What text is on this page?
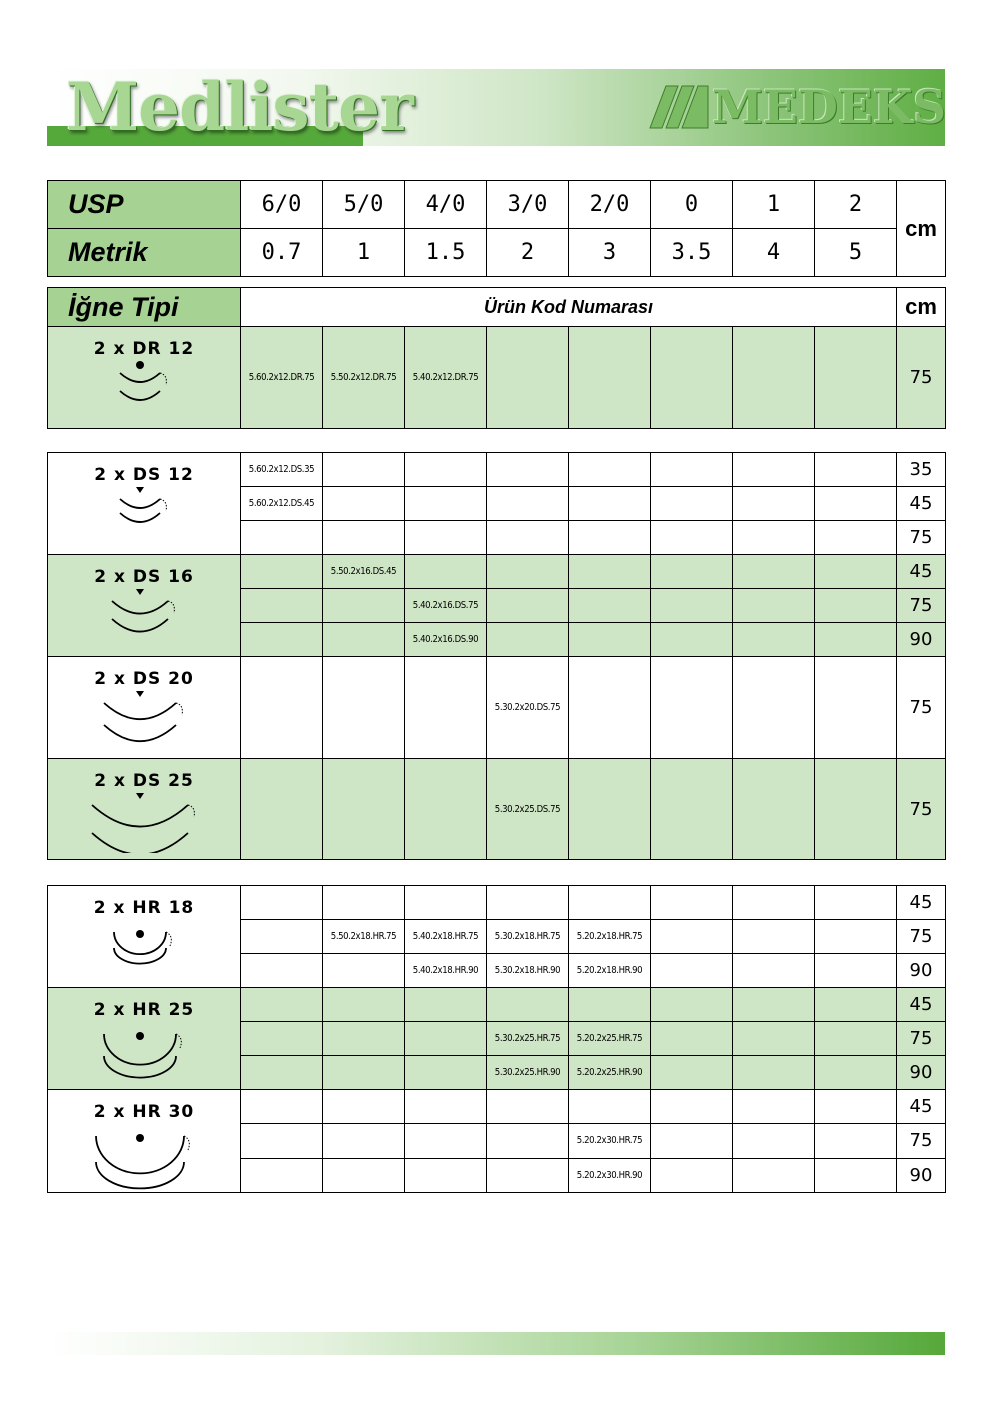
Medlister	MEDEKS
USP	6/0	5/0	4/0	3/0	2/0	0	1	2	cm
Metrik	0.7	1	1.5	2	3	3.5	4	5	
İğne Tipi	Ürün Kod Numarası								cm

2 x DR 12	5.60.2x12.DR.75	5.50.2x12.DR.75	5.40.2x12.DR.75						75
2 x DS 12	5.60.2x12.DS.35								35
	5.60.2x12.DS.45								45
									75

2 x DS 16		5.50.2x16.DS.45							45
			5.40.2x16.DS.75						75
			5.40.2x16.DS.90						90

2 x DS 20				5.30.2x20.DS.75					75

2 x DS 25				5.30.2x25.DS.75					75
2 x HR 18									45
		5.50.2x18.HR.75	5.40.2x18.HR.75	5.30.2x18.HR.75	5.20.2x18.HR.75				75
			5.40.2x18.HR.90	5.30.2x18.HR.90	5.20.2x18.HR.90				90

2 x HR 25									45
				5.30.2x25.HR.75	5.20.2x25.HR.75				75
				5.30.2x25.HR.90	5.20.2x25.HR.90				90

2 x HR 30									45
					5.20.2x30.HR.75				75
					5.20.2x30.HR.90				90
